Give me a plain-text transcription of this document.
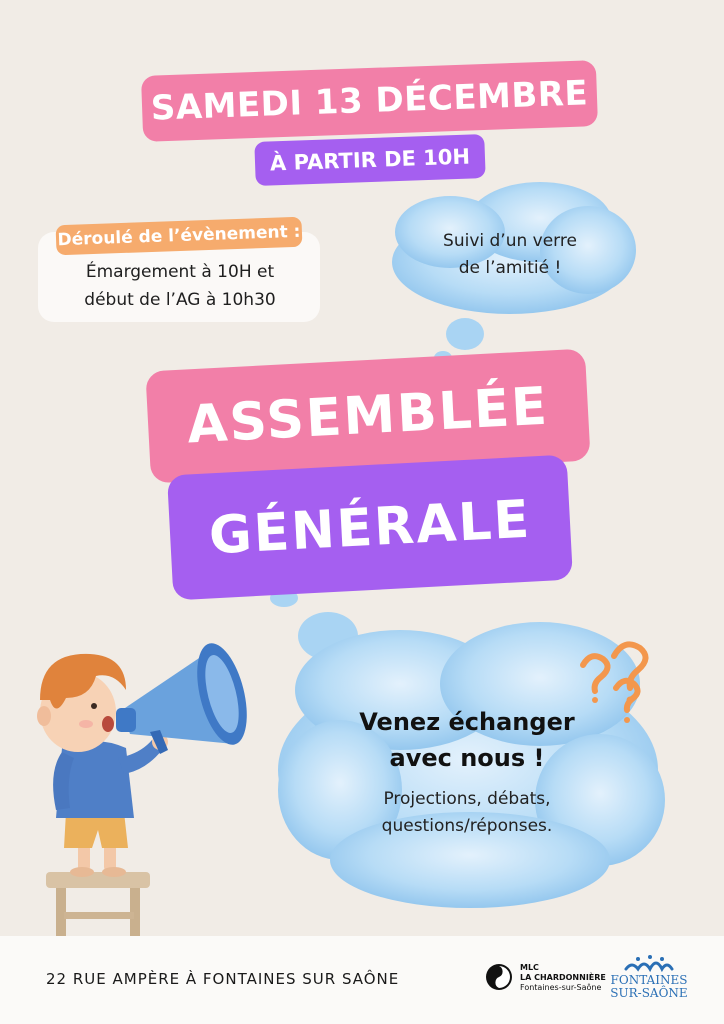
SAMEDI 13 DÉCEMBRE
À PARTIR DE 10H
Déroulé de l’évènement :
Émargement à 10H et
début de l’AG à 10h30
Suivi d’un verre
de l’amitié !
ASSEMBLÉE
GÉNÉRALE
Venez échanger
avec nous !
Projections, débats,
questions/réponses.
22 RUE AMPÈRE À FONTAINES SUR SAÔNE
MLC
LA CHARDONNIÈRE
Fontaines-sur-Saône
FONTAINES
SUR-SAÔNE
